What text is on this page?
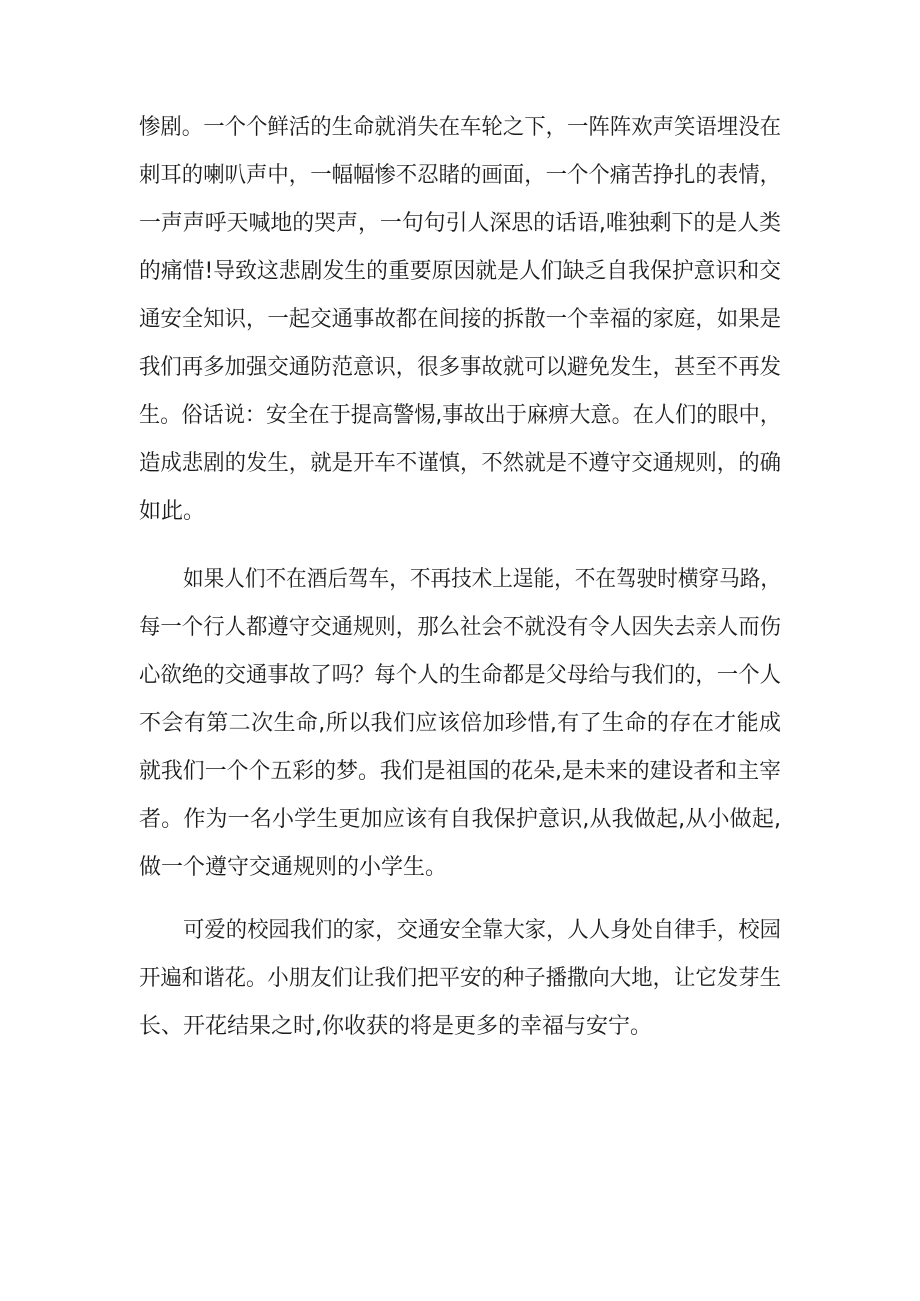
惨剧。一个个鲜活的生命就消失在车轮之下，一阵阵欢声笑语埋没在
刺耳的喇叭声中，一幅幅惨不忍睹的画面，一个个痛苦挣扎的表情，
一声声呼天喊地的哭声，一句句引人深思的话语,唯独剩下的是人类
的痛惜!导致这悲剧发生的重要原因就是人们缺乏自我保护意识和交
通安全知识，一起交通事故都在间接的拆散一个幸福的家庭，如果是
我们再多加强交通防范意识，很多事故就可以避免发生，甚至不再发
生。俗话说：安全在于提高警惕,事故出于麻痹大意。在人们的眼中，
造成悲剧的发生，就是开车不谨慎，不然就是不遵守交通规则，的确
如此。
如果人们不在酒后驾车，不再技术上逞能，不在驾驶时横穿马路，
每一个行人都遵守交通规则，那么社会不就没有令人因失去亲人而伤
心欲绝的交通事故了吗？每个人的生命都是父母给与我们的，一个人
不会有第二次生命,所以我们应该倍加珍惜,有了生命的存在才能成
就我们一个个五彩的梦。我们是祖国的花朵,是未来的建设者和主宰
者。作为一名小学生更加应该有自我保护意识,从我做起,从小做起,
做一个遵守交通规则的小学生。
可爱的校园我们的家，交通安全靠大家，人人身处自律手，校园
开遍和谐花。小朋友们让我们把平安的种子播撒向大地，让它发芽生
长、开花结果之时,你收获的将是更多的幸福与安宁。
